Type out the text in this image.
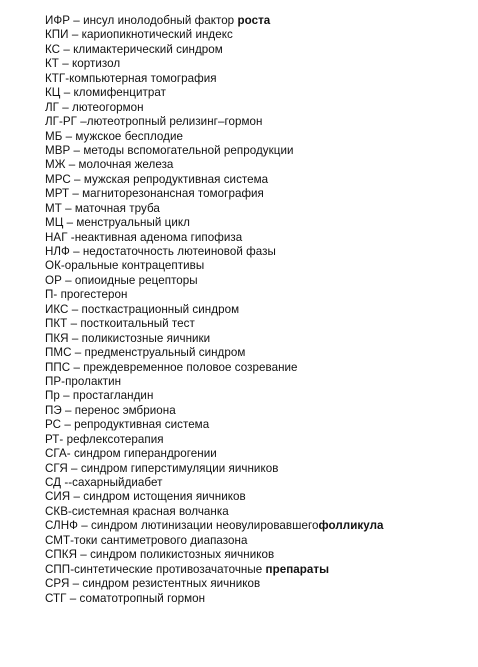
ИФР – инсул инолодобный фактор роста
КПИ – кариопикнотический индекс
КС – климактерический синдром
КТ – кортизол
КТГ-компьютерная томография
КЦ – кломифенцитрат
ЛГ – лютеогормон
ЛГ-РГ –лютеотропный релизинг–гормон
МБ – мужское бесплодие
МВР – методы вспомогательной репродукции
МЖ – молочная железа
МРС – мужская репродуктивная система
МРТ – магниторезонансная томография
МТ – маточная труба
МЦ – менструальный цикл
НАГ -неактивная аденома гипофиза
НЛФ – недостаточность лютеиновой фазы
ОК-оральные контрацептивы
ОР – опиоидные рецепторы
П- прогестерон
ИКС – посткастрационный синдром
ПКТ – посткоитальный тест
ПКЯ – поликистозные яичники
ПМС – предменструальный синдром
ППС – преждевременное половое созревание
ПР-пролактин
Пр – простагландин
ПЭ – перенос эмбриона
РС – репродуктивная система
РТ- рефлексотерапия
СГА- синдром гиперандрогении
СГЯ – синдром гиперстимуляции яичников
СД --сахарныйдиабет
СИЯ – синдром истощения яичников
СКВ-системная красная волчанка
СЛНФ – синдром лютинизации неовулировавшегофолликула
СМТ-токи сантиметрового диапазона
СПКЯ – синдром поликистозных яичников
СПП-синтетические противозачаточные препараты
СРЯ – синдром резистентных яичников
СТГ – соматотропный гормон
